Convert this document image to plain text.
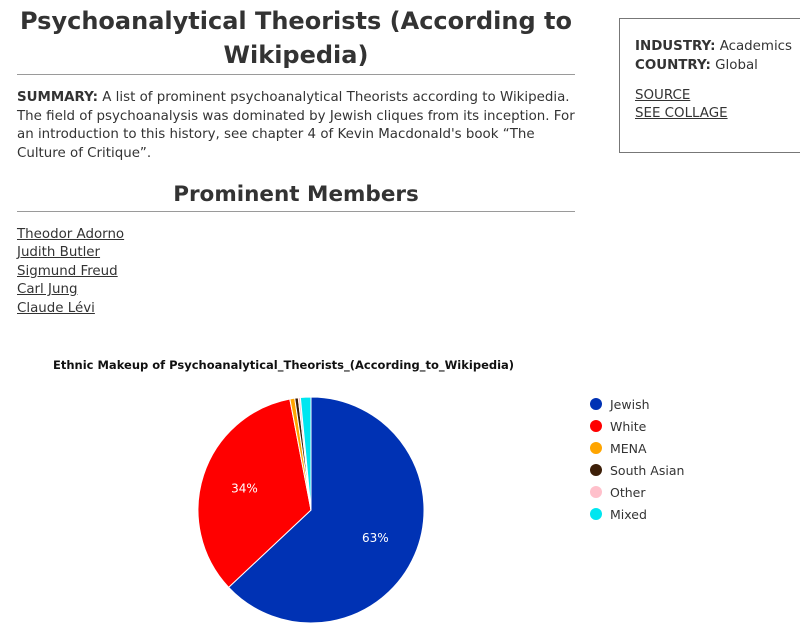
Psychoanalytical Theorists (According to Wikipedia)

SUMMARY: A list of prominent psychoanalytical Theorists according to Wikipedia. The field of psychoanalysis was dominated by Jewish cliques from its inception. For an introduction to this history, see chapter 4 of Kevin Macdonald's book “The Culture of Critique”.

Prominent Members
Theodor Adorno
Judith Butler
Sigmund Freud
Carl Jung
Claude Lévi
INDUSTRY: Academics
COUNTRY: Global
SOURCE
SEE COLLAGE
Ethnic Makeup of Psychoanalytical_Theorists_(According_to_Wikipedia)
63%
34%
Jewish
White
MENA
South Asian
Other
Mixed
